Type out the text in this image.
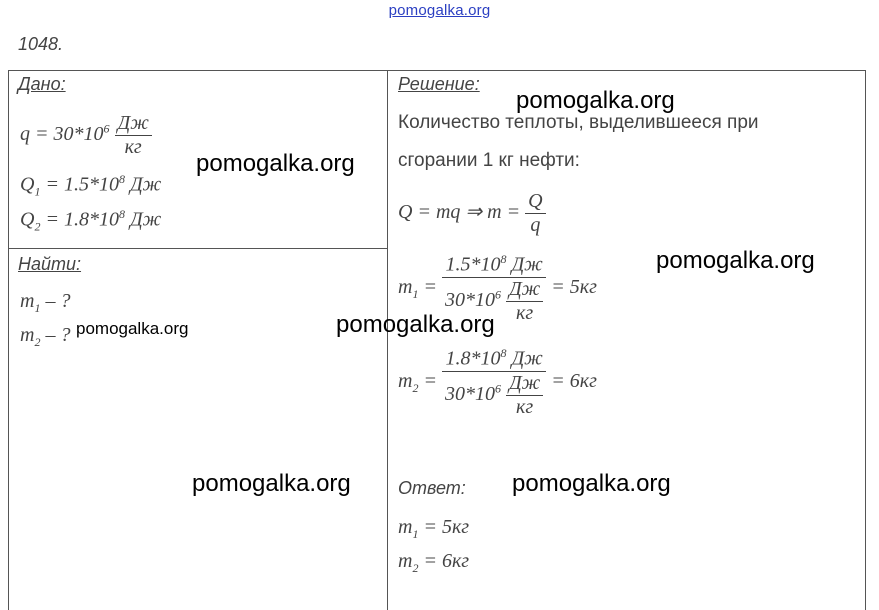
pomogalka.org
1048.
Дано:
$q = 30*10^6 \frac{Дж}{кг}$
$Q_1 = 1.5*10^8$ Дж
$Q_2 = 1.8*10^8$ Дж
Найти:
$m_1$ – ?
$m_2$ – ?
Решение:
Количество теплоты, выделившееся при
сгорании 1 кг нефти:
Q = mq ⇒ $m = \frac{Q}{q}$
$m_1 = \frac{1.5*10^8 Дж}{30*10^6 \frac{Дж}{кг}} = 5кг$
$m_2 = \frac{1.8*10^8 Дж}{30*10^6 \frac{Дж}{кг}} = 6кг$
Ответ:
$m_1 = 5кг$
$m_2 = 6кг$
pomogalka.org
pomogalka.org
pomogalka.org
pomogalka.org
pomogalka.org
pomogalka.org	pomogalka.org
